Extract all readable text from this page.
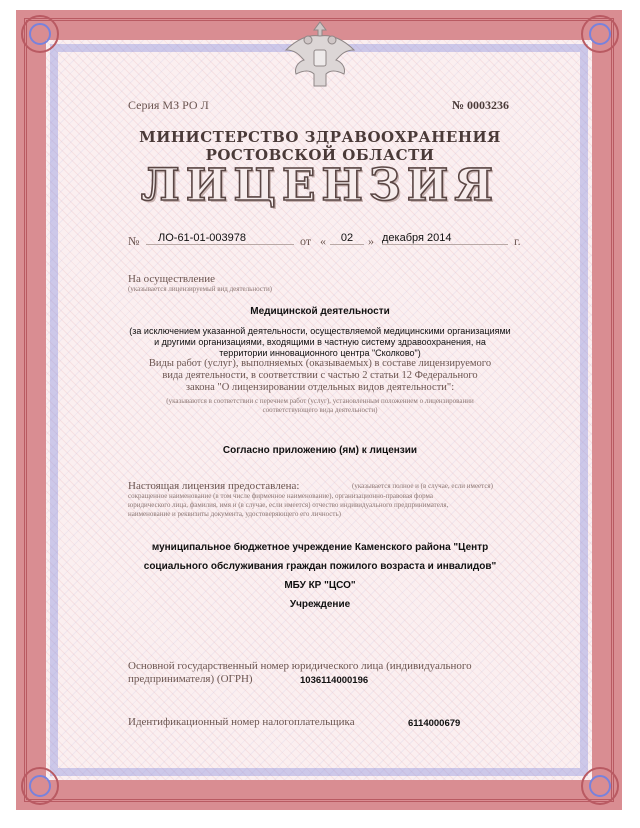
Серия МЗ РО Л	№ 0003236
МИНИСТЕРСТВО ЗДРАВООХРАНЕНИЯ
РОСТОВСКОЙ ОБЛАСТИ
ЛИЦЕНЗИЯ
№	ЛО-61-01-003978	от «	02	» декабря 2014	г.
На осуществление
(указывается лицензируемый вид деятельности)
Медицинской деятельности
(за исключением указанной деятельности, осуществляемой медицинскими организациями
и другими организациями, входящими в частную систему здравоохранения, на
территории инновационного центра "Сколково")
Виды работ (услуг), выполняемых (оказываемых) в составе лицензируемого
вида деятельности, в соответствии с частью 2 статьи 12 Федерального
закона "О лицензировании отдельных видов деятельности":
(указываются в соответствии с перечнем работ (услуг), установленным положением о лицензировании
соответствующего вида деятельности)
Согласно приложению (ям) к лицензии
Настоящая лицензия предоставлена:	(указывается полное и (в случае, если имеется)
сокращенное наименование (в том числе фирменное наименование), организационно-правовая форма
юридического лица, фамилия, имя и (в случае, если имеется) отчество индивидуального предпринимателя,
наименование и реквизиты документа, удостоверяющего его личность)
муниципальное бюджетное учреждение Каменского района "Центр
социального обслуживания граждан пожилого возраста и инвалидов"
МБУ КР "ЦСО"
Учреждение
Основной государственный номер юридического лица (индивидуального
предпринимателя) (ОГРН)	1036114000196
Идентификационный номер налогоплательщика	6114000679
